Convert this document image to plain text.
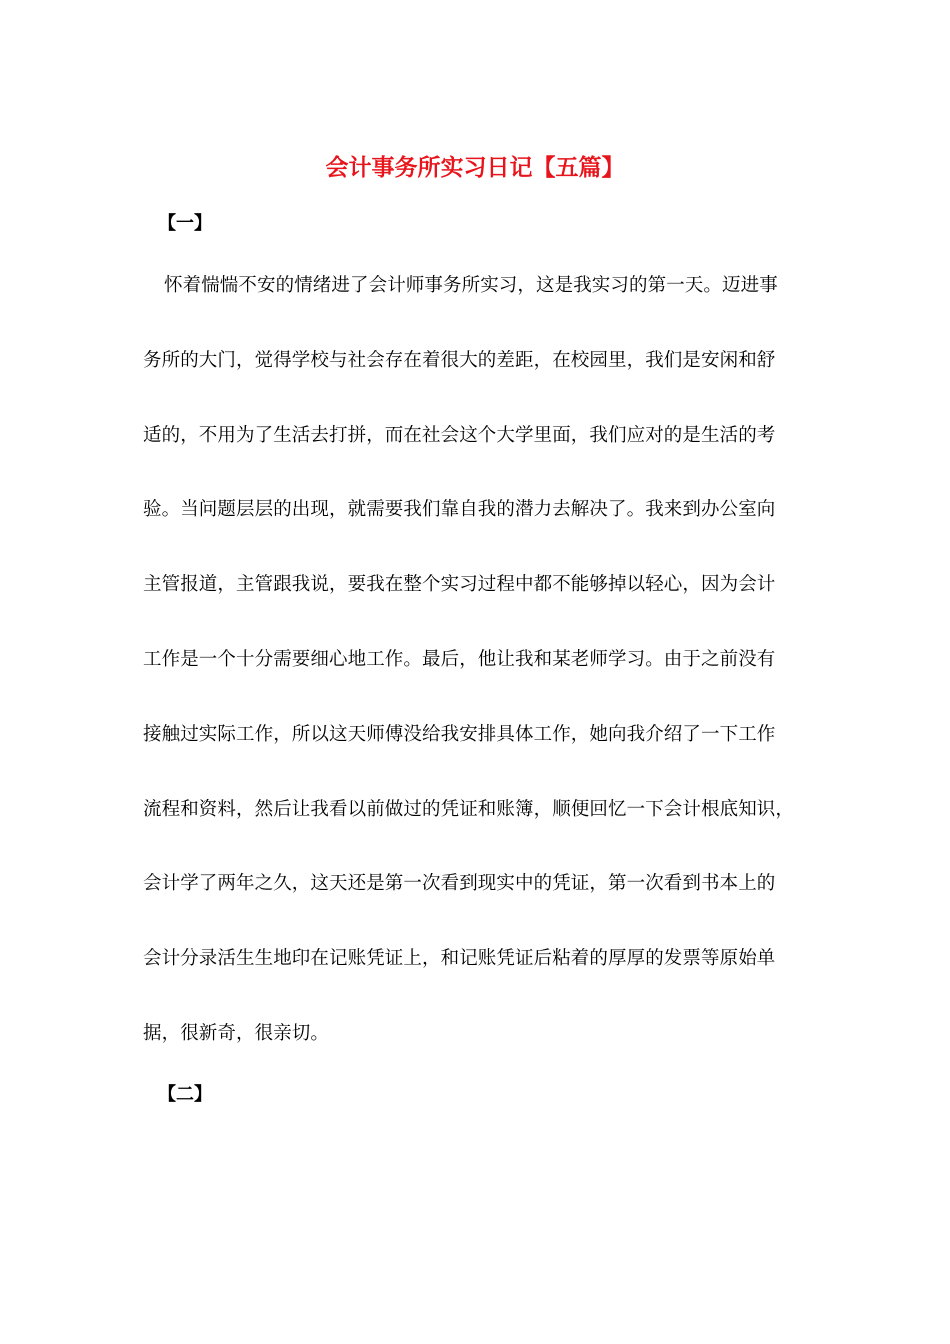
会计事务所实习日记【五篇】
【一】
怀着惴惴不安的情绪进了会计师事务所实习，这是我实习的第一天。迈进事
务所的大门，觉得学校与社会存在着很大的差距，在校园里，我们是安闲和舒
适的，不用为了生活去打拼，而在社会这个大学里面，我们应对的是生活的考
验。当问题层层的出现，就需要我们靠自我的潜力去解决了。我来到办公室向
主管报道，主管跟我说，要我在整个实习过程中都不能够掉以轻心，因为会计
工作是一个十分需要细心地工作。最后，他让我和某老师学习。由于之前没有
接触过实际工作，所以这天师傅没给我安排具体工作，她向我介绍了一下工作
流程和资料，然后让我看以前做过的凭证和账簿，顺便回忆一下会计根底知识，
会计学了两年之久，这天还是第一次看到现实中的凭证，第一次看到书本上的
会计分录活生生地印在记账凭证上，和记账凭证后粘着的厚厚的发票等原始单
据，很新奇，很亲切。
【二】
